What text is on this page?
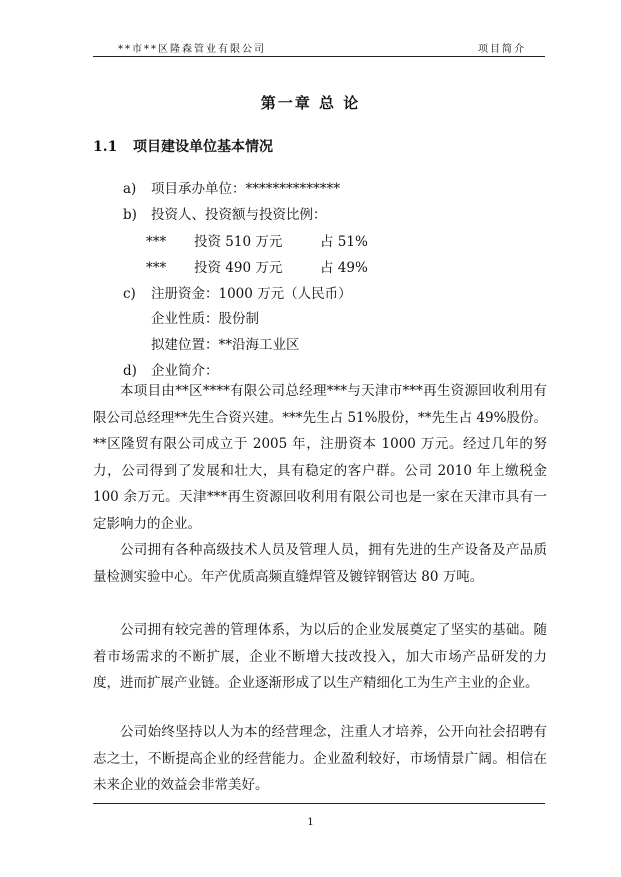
**市**区隆森管业有限公司	项目简介
第一章 总 论
1.1 项目建设单位基本情况
a) 项目承办单位：**************
b) 投资人、投资额与投资比例：
*** 投资 510 万元	占 51%
*** 投资 490 万元	占 49%
c) 注册资金：1000 万元（人民币）
企业性质：股份制
拟建位置：**沿海工业区
d) 企业简介：

本项目由**区****有限公司总经理***与天津市***再生资源回收利用有限公司总经理**先生合资兴建。***先生占 51%股份，**先生占 49%股份。**区隆贸有限公司成立于 2005 年，注册资本 1000 万元。经过几年的努力，公司得到了发展和壮大，具有稳定的客户群。公司 2010 年上缴税金 100 余万元。天津***再生资源回收利用有限公司也是一家在天津市具有一定影响力的企业。

公司拥有各种高级技术人员及管理人员，拥有先进的生产设备及产品质量检测实验中心。年产优质高频直缝焊管及镀锌钢管达 80 万吨。

公司拥有较完善的管理体系，为以后的企业发展奠定了坚实的基础。随着市场需求的不断扩展，企业不断增大技改投入，加大市场产品研发的力度，进而扩展产业链。企业逐渐形成了以生产精细化工为生产主业的企业。

公司始终坚持以人为本的经营理念，注重人才培养，公开向社会招聘有志之士，不断提高企业的经营能力。企业盈利较好，市场情景广阔。相信在未来企业的效益会非常美好。

1
